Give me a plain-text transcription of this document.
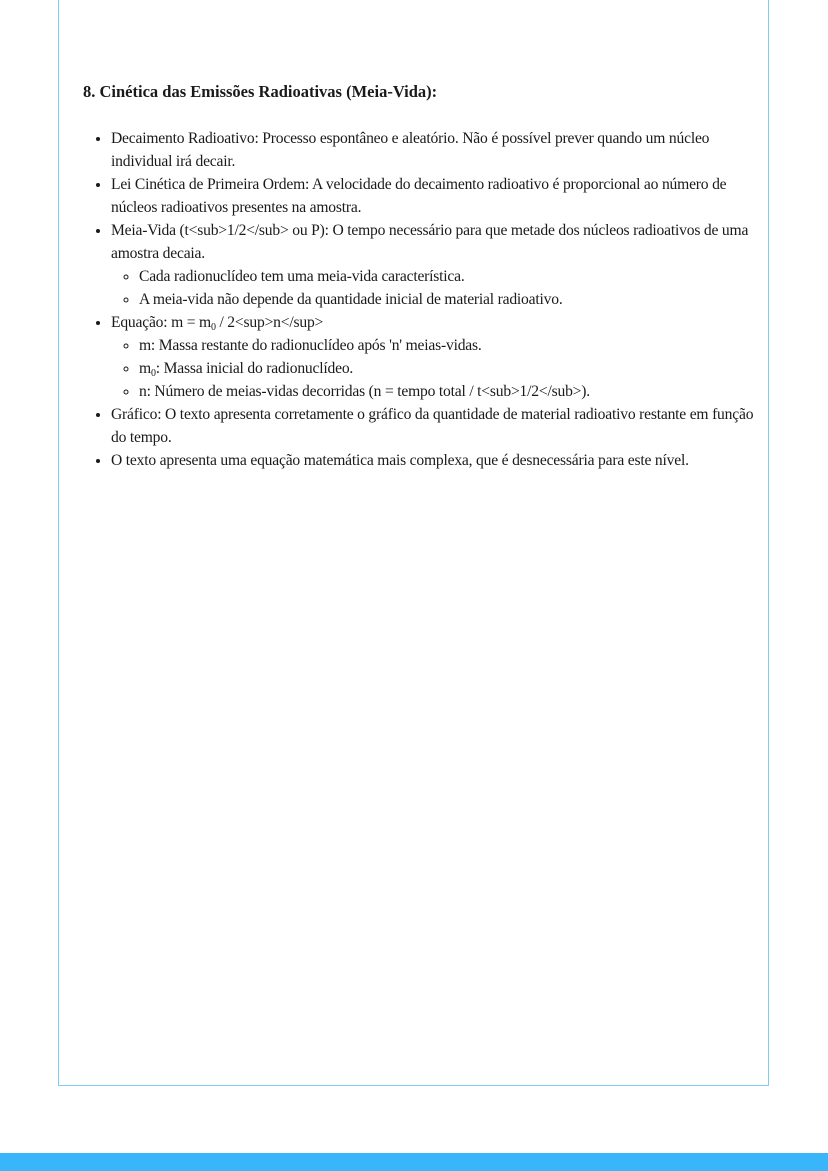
8. Cinética das Emissões Radioativas (Meia-Vida):
• Decaimento Radioativo: Processo espontâneo e aleatório. Não é possível prever quando um núcleo individual irá decair.
• Lei Cinética de Primeira Ordem: A velocidade do decaimento radioativo é proporcional ao número de núcleos radioativos presentes na amostra.
• Meia-Vida (t<sub>1/2</sub> ou P): O tempo necessário para que metade dos núcleos radioativos de uma amostra decaia.
◦ Cada radionuclídeo tem uma meia-vida característica.
◦ A meia-vida não depende da quantidade inicial de material radioativo.
• Equação: $m = m_0 / 2<sup>n</sup>$
◦ m: Massa restante do radionuclídeo após 'n' meias-vidas.
◦ $m_0$: Massa inicial do radionuclídeo.
◦ n: Número de meias-vidas decorridas (n = tempo total / t<sub>1/2</sub>).
• Gráfico: O texto apresenta corretamente o gráfico da quantidade de material radioativo restante em função do tempo.
• O texto apresenta uma equação matemática mais complexa, que é desnecessária para este nível.
